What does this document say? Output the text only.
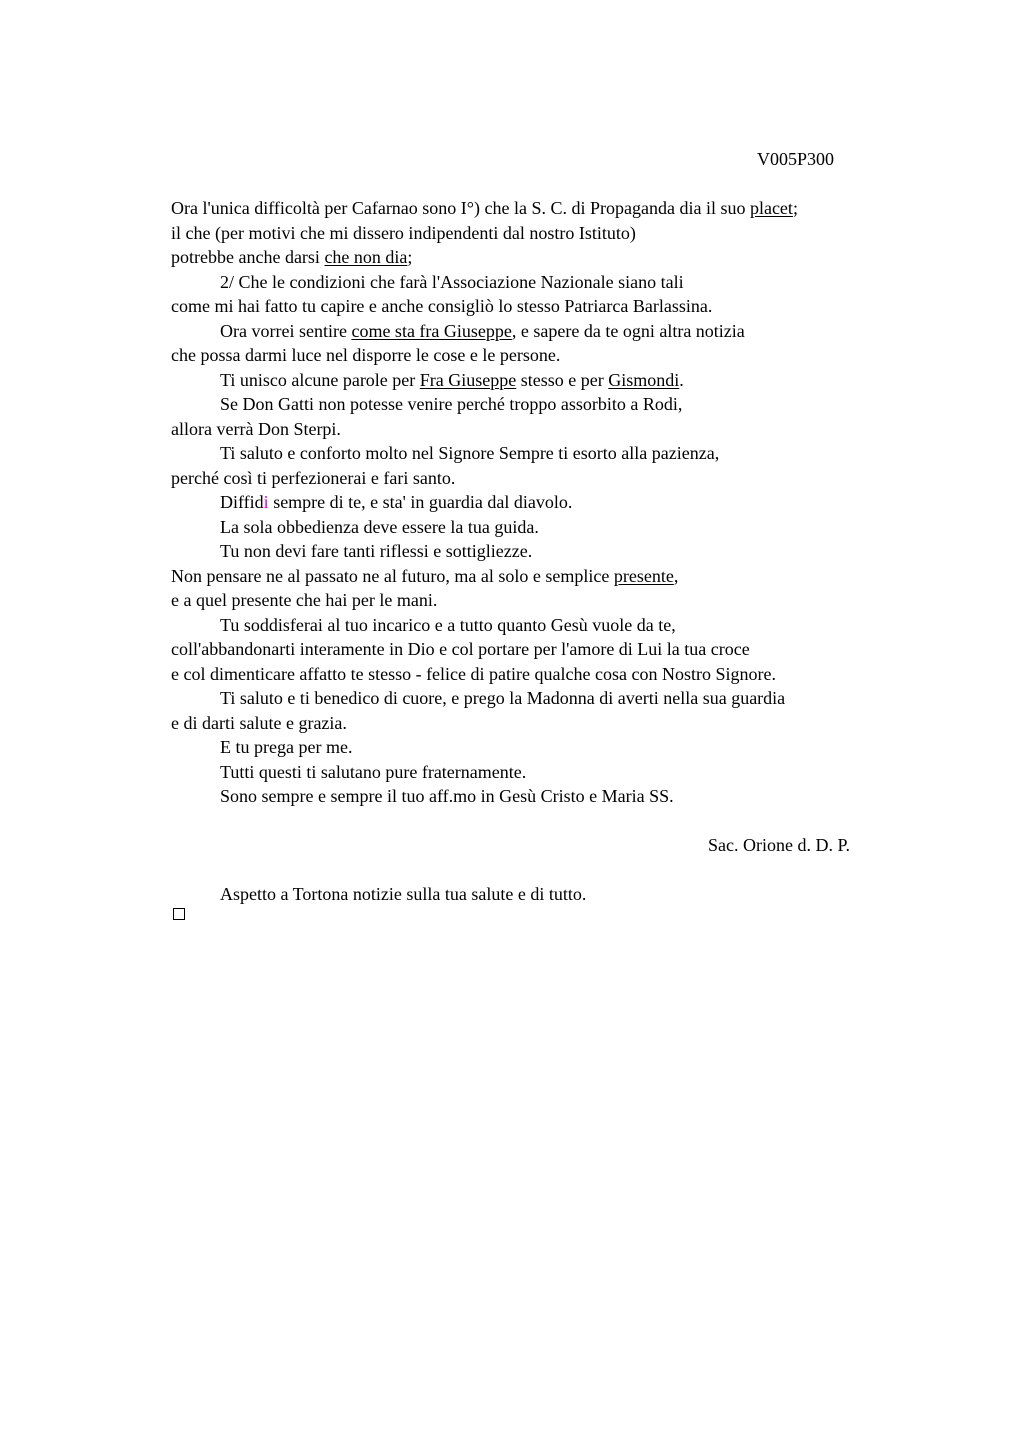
V005P300
Ora l'unica difficoltà per Cafarnao sono I°) che la S. C. di Propaganda dia il suo placet;
il che (per motivi che mi dissero indipendenti dal nostro Istituto)
potrebbe anche darsi che non dia;
2/ Che le condizioni che farà l'Associazione Nazionale siano tali
come mi hai fatto tu capire e anche consigliò lo stesso Patriarca Barlassina.
Ora vorrei sentire come sta fra Giuseppe, e sapere da te ogni altra notizia
che possa darmi luce nel disporre le cose e le persone.
Ti unisco alcune parole per Fra Giuseppe stesso e per Gismondi.
Se Don Gatti non potesse venire perché troppo assorbito a Rodi,
allora verrà Don Sterpi.
Ti saluto e conforto molto nel Signore Sempre ti esorto alla pazienza,
perché così ti perfezionerai e fari santo.
Diffidi sempre di te, e sta' in guardia dal diavolo.
La sola obbedienza deve essere la tua guida.
Tu non devi fare tanti riflessi e sottigliezze.
Non pensare ne al passato ne al futuro, ma al solo e semplice presente,
e a quel presente che hai per le mani.
Tu soddisferai al tuo incarico e a tutto quanto Gesù vuole da te,
coll'abbandonarti interamente in Dio e col portare per l'amore di Lui la tua croce
e col dimenticare affatto te stesso - felice di patire qualche cosa con Nostro Signore.
Ti saluto e ti benedico di cuore, e prego la Madonna di averti nella sua guardia
e di darti salute e grazia.
E tu prega per me.
Tutti questi ti salutano pure fraternamente.
Sono sempre e sempre il tuo aff.mo in Gesù Cristo e Maria SS.
Sac. Orione d. D. P.
Aspetto a Tortona notizie sulla tua salute e di tutto.
